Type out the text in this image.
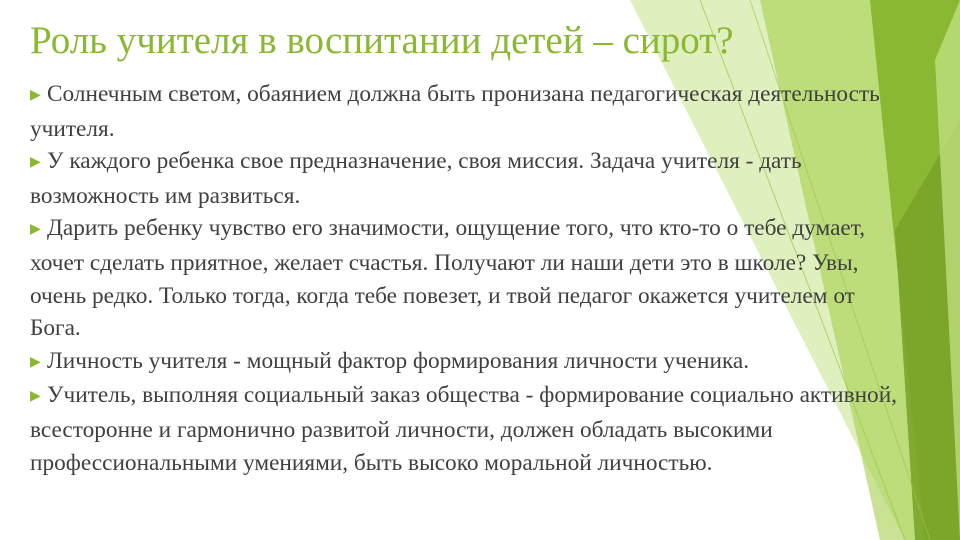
Роль учителя в воспитании детей – сирот?

▶ Солнечным светом, обаянием должна быть пронизана педагогическая деятельность учителя.

▶ У каждого ребенка свое предназначение, своя миссия. Задача учителя - дать возможность им развиться.

▶ Дарить ребенку чувство его значимости, ощущение того, что кто-то о тебе думает, хочет сделать приятное, желает счастья. Получают ли наши дети это в школе? Увы, очень редко. Только тогда, когда тебе повезет, и твой педагог окажется учителем от Бога.

▶ Личность учителя - мощный фактор формирования личности ученика.

▶ Учитель, выполняя социальный заказ общества - формирование социально активной, всесторонне и гармонично развитой личности, должен обладать высокими профессиональными умениями, быть высоко моральной личностью.
